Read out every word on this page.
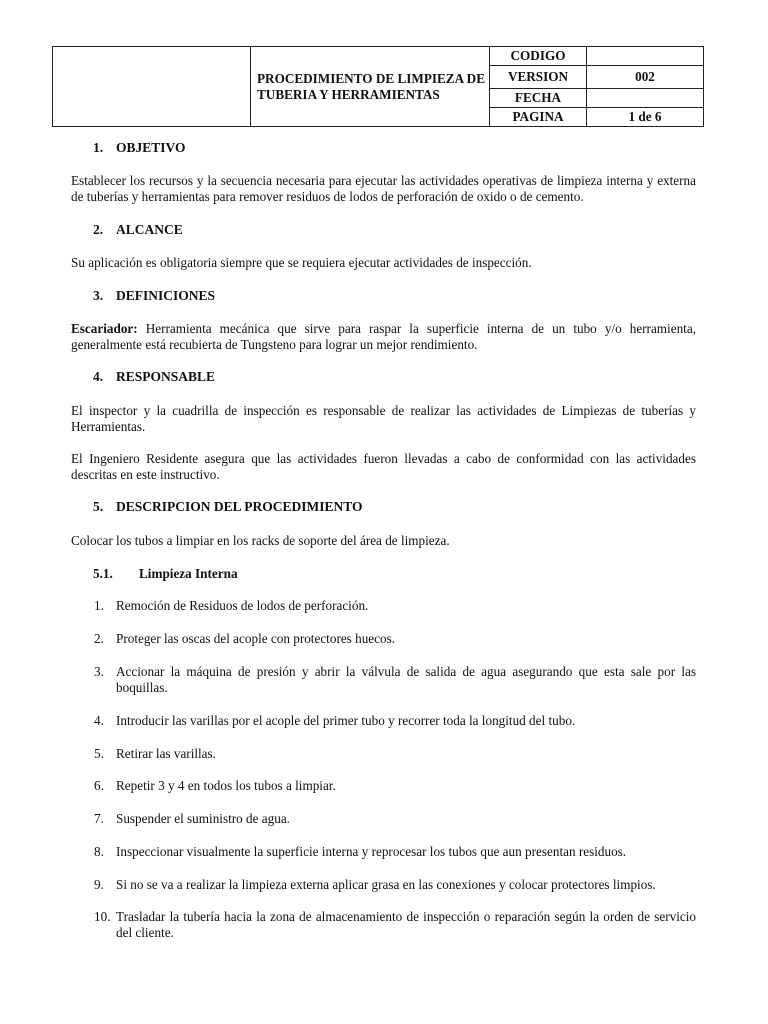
	PROCEDIMIENTO DE LIMPIEZA DE TUBERIA Y HERRAMIENTAS	CODIGO	
		VERSION	002
		FECHA	
		PAGINA	1 de 6
1. OBJETIVO
Establecer los recursos y la secuencia necesaria para ejecutar las actividades operativas de limpieza interna y externa de tuberías y herramientas para remover residuos de lodos de perforación de oxido o de cemento.
2. ALCANCE
Su aplicación es obligatoria siempre que se requiera ejecutar actividades de inspección.
3. DEFINICIONES
Escariador: Herramienta mecánica que sirve para raspar la superficie interna de un tubo y/o herramienta, generalmente está recubierta de Tungsteno para lograr un mejor rendimiento.
4. RESPONSABLE
El inspector y la cuadrilla de inspección es responsable de realizar las actividades de Limpiezas de tuberías y Herramientas.
El Ingeniero Residente asegura que las actividades fueron llevadas a cabo de conformidad con las actividades descritas en este instructivo.
5. DESCRIPCION DEL PROCEDIMIENTO
Colocar los tubos a limpiar en los racks de soporte del área de limpieza.
5.1. Limpieza Interna
1. Remoción de Residuos de lodos de perforación.
2. Proteger las oscas del acople con protectores huecos.
3. Accionar la máquina de presión y abrir la válvula de salida de agua asegurando que esta sale por las boquillas.
4. Introducir las varillas por el acople del primer tubo y recorrer toda la longitud del tubo.
5. Retirar las varillas.
6. Repetir 3 y 4 en todos los tubos a limpiar.
7. Suspender el suministro de agua.
8. Inspeccionar visualmente la superficie interna y reprocesar los tubos que aun presentan residuos.
9. Si no se va a realizar la limpieza externa aplicar grasa en las conexiones y colocar protectores limpios.
10. Trasladar la tubería hacia la zona de almacenamiento de inspección o reparación según la orden de servicio del cliente.
